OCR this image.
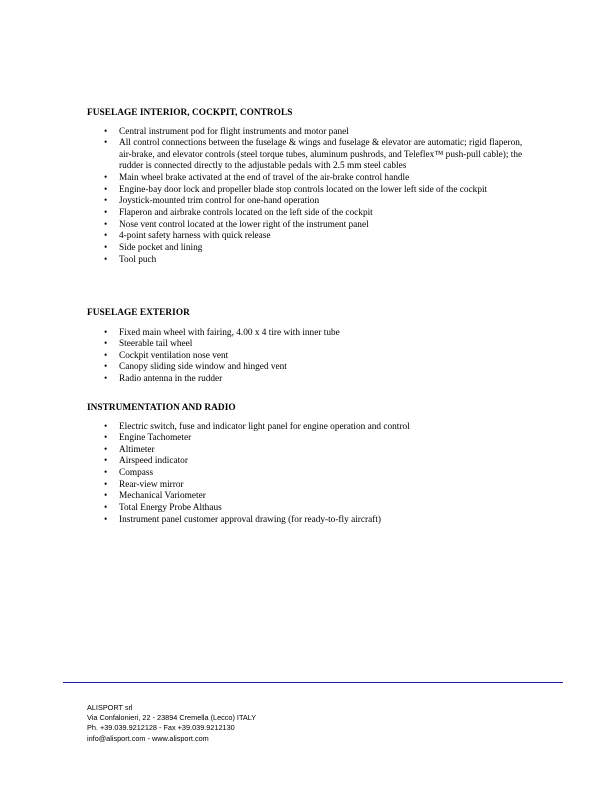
FUSELAGE INTERIOR, COCKPIT, CONTROLS

• Central instrument pod for flight instruments and motor panel
• All control connections between the fuselage & wings and fuselage & elevator are automatic; rigid flaperon, air-brake, and elevator controls (steel torque tubes, aluminum pushrods, and Teleflex™ push-pull cable); the rudder is connected directly to the adjustable pedals with 2.5 mm steel cables
• Main wheel brake activated at the end of travel of the air-brake control handle
• Engine-bay door lock and propeller blade stop controls located on the lower left side of the cockpit
• Joystick-mounted trim control for one-hand operation
• Flaperon and airbrake controls located on the left side of the cockpit
• Nose vent control located at the lower right of the instrument panel
• 4-point safety harness with quick release
• Side pocket and lining
• Tool puch

FUSELAGE EXTERIOR

• Fixed main wheel with fairing, 4.00 x 4 tire with inner tube
• Steerable tail wheel
• Cockpit ventilation nose vent
• Canopy sliding side window and hinged vent
• Radio antenna in the rudder

INSTRUMENTATION AND RADIO

• Electric switch, fuse and indicator light panel for engine operation and control
• Engine Tachometer
• Altimeter
• Airspeed indicator
• Compass
• Rear-view mirror
• Mechanical Variometer
• Total Energy Probe Althaus
• Instrument panel customer approval drawing (for ready-to-fly aircraft)
ALISPORT srl
Via Confalonieri, 22 - 23894 Cremella (Lecco) ITALY
Ph. +39.039.9212128 - Fax +39.039.9212130
info@alisport.com - www.alisport.com
